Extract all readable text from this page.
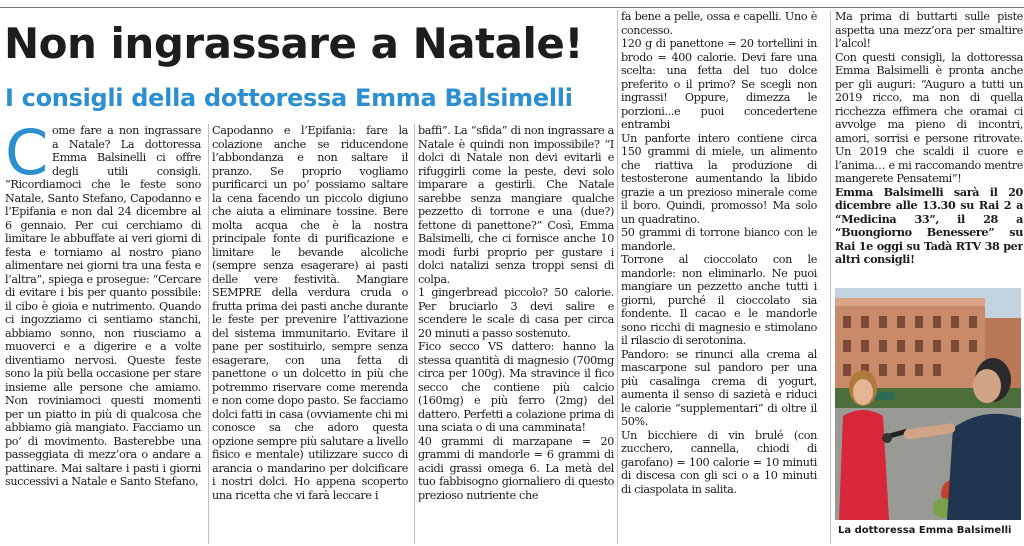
Non ingrassare a Natale!
I consigli della dottoressa Emma Balsimelli
C ome fare a non ingrassare a Natale? La dottoressa Emma Balsinelli ci offre degli utili consigli. “Ricordiamoci che le feste sono Natale, Santo Stefano, Capodanno e l’Epifania e non dal 24 dicembre al 6 gennaio. Per cui cerchiamo di limitare le abbuffate ai veri giorni di festa e torniamo al nostro piano alimentare nei giorni tra una festa e l’altra”, spiega e prosegue: “Cercare di evitare i bis per quanto possibile: il cibo è gioia e nutrimento. Quando ci ingozziamo ci sentiamo stanchi, abbiamo sonno, non riusciamo a muoverci e a digerire e a volte diventiamo nervosi. Queste feste sono la più bella occasione per stare insieme alle persone che amiamo. Non roviniamoci questi momenti per un piatto in più di qualcosa che abbiamo già mangiato. Facciamo un po’ di movimento. Basterebbe una passeggiata di mezz’ora o andare a pattinare. Mai saltare i pasti i giorni successivi a Natale e Santo Stefano,

Capodanno e l’Epifania: fare la colazione anche se riducendone l’abbondanza e non saltare il pranzo. Se proprio vogliamo purificarci un po’ possiamo saltare la cena facendo un piccolo digiuno che aiuta a eliminare tossine. Bere molta acqua che è la nostra principale fonte di purificazione e limitare le bevande alcoliche (sempre senza esagerare) ai pasti delle vere festività. Mangiare SEMPRE della verdura cruda o frutta prima dei pasti anche durante le feste per prevenire l’attivazione del sistema immunitario. Evitare il pane per sostituirlo, sempre senza esagerare, con una fetta di panettone o un dolcetto in più che potremmo riservare come merenda e non come dopo pasto. Se facciamo dolci fatti in casa (ovviamente chi mi conosce sa che adoro questa opzione sempre più salutare a livello fisico e mentale) utilizzare succo di arancia o mandarino per dolcificare i nostri dolci. Ho appena scoperto una ricetta che vi farà leccare i

baffi”. La “sfida” di non ingrassare a Natale è quindi non impossibile? “I dolci di Natale non devi evitarli e rifuggirli come la peste, devi solo imparare a gestirli. Che Natale sarebbe senza mangiare qualche pezzetto di torrone e una (due?) fettone di panettone?” Così, Emma Balsimelli, che ci fornisce anche 10 modi furbi proprio per gustare i dolci natalizi senza troppi sensi di colpa.

1 gingerbread piccolo? 50 calorie. Per bruciarlo 3 devi salire e scendere le scale di casa per circa 20 minuti a passo sostenuto.

Fico secco VS dattero: hanno la stessa quantità di magnesio (700mg circa per 100g). Ma stravince il fico secco che contiene più calcio (160mg) e più ferro (2mg) del dattero. Perfetti a colazione prima di una sciata o di una camminata!

40 grammi di marzapane = 20 grammi di mandorle = 6 grammi di acidi grassi omega 6. La metà del tuo fabbisogno giornaliero di questo prezioso nutriente che

fa bene a pelle, ossa e capelli. Uno è concesso.

120 g di panettone = 20 tortellini in brodo = 400 calorie. Devi fare una scelta: una fetta del tuo dolce preferito o il primo? Se scegli non ingrassi! Oppure, dimezza le porzioni...e puoi concedertene entrambi

Un panforte intero contiene circa 150 grammi di miele, un alimento che riattiva la produzione di testosterone aumentando la libido grazie a un prezioso minerale come il boro. Quindi, promosso! Ma solo un quadratino.

50 grammi di torrone bianco con le mandorle.

Torrone al cioccolato con le mandorle: non eliminarlo. Ne puoi mangiare un pezzetto anche tutti i giorni, purché il cioccolato sia fondente. Il cacao e le mandorle sono ricchi di magnesio e stimolano il rilascio di serotonina.

Pandoro: se rinunci alla crema al mascarpone sul pandoro per una più casalinga crema di yogurt, aumenta il senso di sazietà e riduci le calorie “supplementari” di oltre il 50%.

Un bicchiere di vin brulé (con zucchero, cannella, chiodi di garofano) = 100 calorie = 10 minuti di discesa con gli sci o a 10 minuti di ciaspolata in salita.

Ma prima di buttarti sulle piste aspetta una mezz’ora per smaltire l’alcol!

Con questi consigli, la dottoressa Emma Balsimelli è pronta anche per gli auguri: “Auguro a tutti un 2019 ricco, ma non di quella ricchezza effimera che oramai ci avvolge ma pieno di incontri, amori, sorrisi e persone ritrovate. Un 2019 che scaldi il cuore e l’anima… e mi raccomando mentre mangerete Pensatemi”!

Emma Balsimelli sarà il 20 dicembre alle 13.30 su Rai 2 a “Medicina 33”, il 28 a “Buongiorno Benessere” su Rai 1e oggi su Tadà RTV 38 per altri consigli!

La dottoressa Emma Balsimelli
